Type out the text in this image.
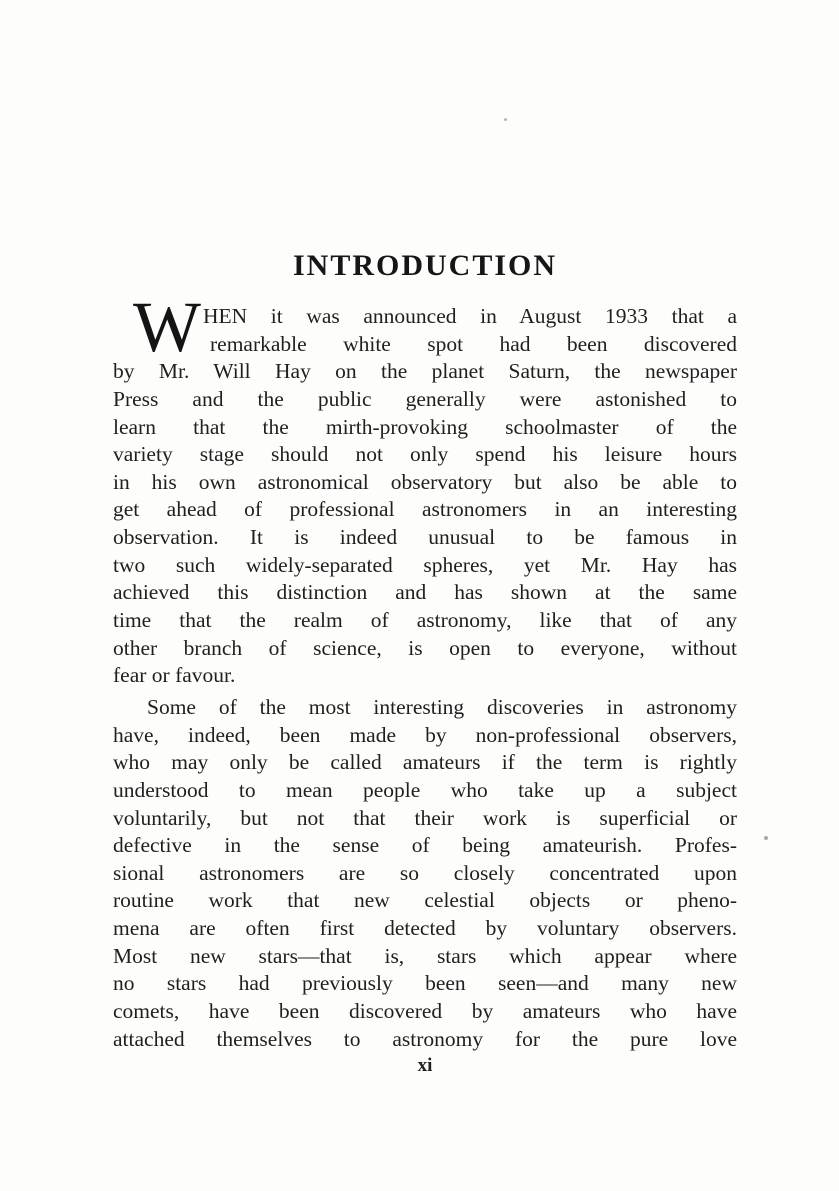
INTRODUCTION
W HEN it was announced in August 1933 that a
remarkable white spot had been discovered
by Mr. Will Hay on the planet Saturn, the newspaper
Press and the public generally were astonished to
learn that the mirth-provoking schoolmaster of the
variety stage should not only spend his leisure hours
in his own astronomical observatory but also be able to
get ahead of professional astronomers in an interesting
observation. It is indeed unusual to be famous in
two such widely-separated spheres, yet Mr. Hay has
achieved this distinction and has shown at the same
time that the realm of astronomy, like that of any
other branch of science, is open to everyone, without
fear or favour.
Some of the most interesting discoveries in astronomy
have, indeed, been made by non-professional observers,
who may only be called amateurs if the term is rightly
understood to mean people who take up a subject
voluntarily, but not that their work is superficial or
defective in the sense of being amateurish. Profes-
sional astronomers are so closely concentrated upon
routine work that new celestial objects or pheno-
mena are often first detected by voluntary observers.
Most new stars—that is, stars which appear where
no stars had previously been seen—and many new
comets, have been discovered by amateurs who have
attached themselves to astronomy for the pure love
xi
